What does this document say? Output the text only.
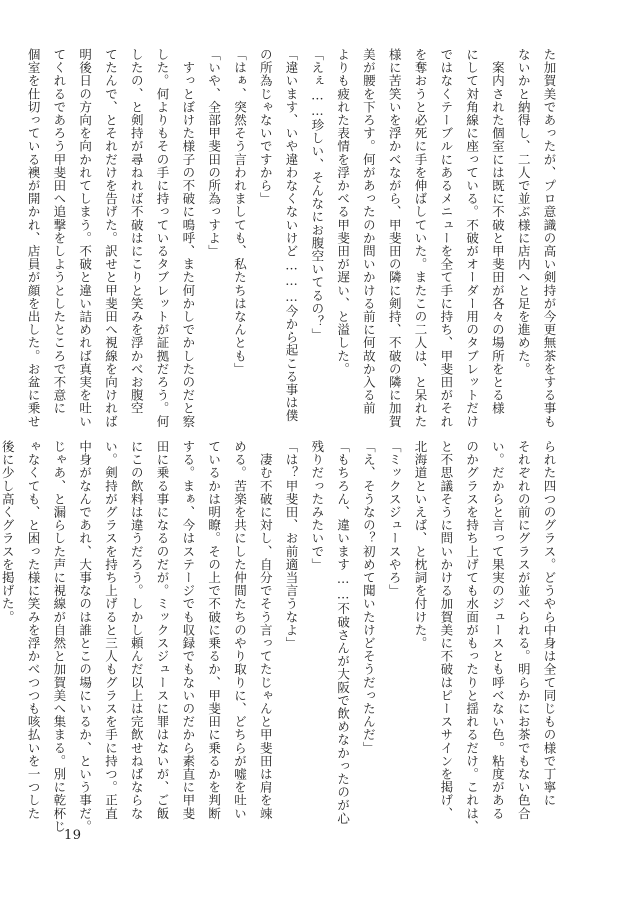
た加賀美であったが、プロ意識の高い剣持が今更無茶をする事も

ないかと納得し、二人で並ぶ様に店内へと足を進めた。

　案内された個室には既に不破と甲斐田が各々の場所をとる様

にして対角線に座っている。不破がオーダー用のタブレットだけ

ではなくテーブルにあるメニューを全て手に持ち、甲斐田がそれ

を奪おうと必死に手を伸ばしていた。またこの二人は、と呆れた

様に苦笑いを浮かべながら、甲斐田の隣に剣持、不破の隣に加賀

美が腰を下ろす。何があったのか問いかける前に何故か入る前

よりも疲れた表情を浮かべる甲斐田が遅い、と溢した。

「えぇ……珍しい、そんなにお腹空いてるの？」

「違います、いや違わなくないけど………今から起こる事は僕

の所為じゃないですから」

「はぁ、突然そう言われましても、私たちはなんとも」

「いや、全部甲斐田の所為っすよ」

　すっとぼけた様子の不破に鳴呼、また何かしでかしたのだと察

した。何よりもその手に持っているタブレットが証拠だろう。何

したの、と剣持が尋ねれば不破はにこりと笑みを浮かべお腹空

てたんで、とそれだけを告げた。訳せと甲斐田へ視線を向ければ

明後日の方向を向かれてしまう。不破と違い詰めれば真実を吐い

てくれるであろう甲斐田へ追撃をしようとしたところで不意に

個室を仕切っている襖が開かれ、店員が顔を出した。お盆に乗せ

られた四つのグラス。どうやら中身は全て同じもの様で丁寧に

それぞれの前にグラスが並べられる。明らかにお茶でもない色合

い。だからと言って果実のジュースとも呼べない色。粘度がある

のかグラスを持ち上げても水面がもったりと揺れるだけ。これは、

と不思議そうに問いかける加賀美に不破はピースサインを掲げ、

北海道といえば、と枕詞を付けた。

「ミックスジュースやろ」

「え、そうなの？初めて聞いたけどそうだったんだ」

「もちろん、違います……不破さんが大阪で飲めなかったのが心

残りだったみたいで」

「は？甲斐田、お前適当言うなよ」

　凄む不破に対し、自分でそう言ってたじゃんと甲斐田は肩を竦

める。苦楽を共にした仲間たちのやり取りに、どちらが嘘を吐い

ているかは明瞭。その上で不破に乗るか、甲斐田に乗るかを判断

する。まぁ、今はステージでも収録でもないのだから素直に甲斐

田に乗る事になるのだが。ミックスジュースに罪はないが、ご飯

にこの飲料は違うだろう。しかし頼んだ以上は完飲せねばならな

い。剣持がグラスを持ち上げると三人もグラスを手に持つ。正直

中身がなんであれ、大事なのは誰とこの場にいるか、という事だ。

じゃあ、と漏らした声に視線が自然と加賀美へ集まる。別に乾杯じ

ゃなくても、と困った様に笑みを浮かべつつも咳払いを一つした

後に少し高くグラスを掲げた。

19
